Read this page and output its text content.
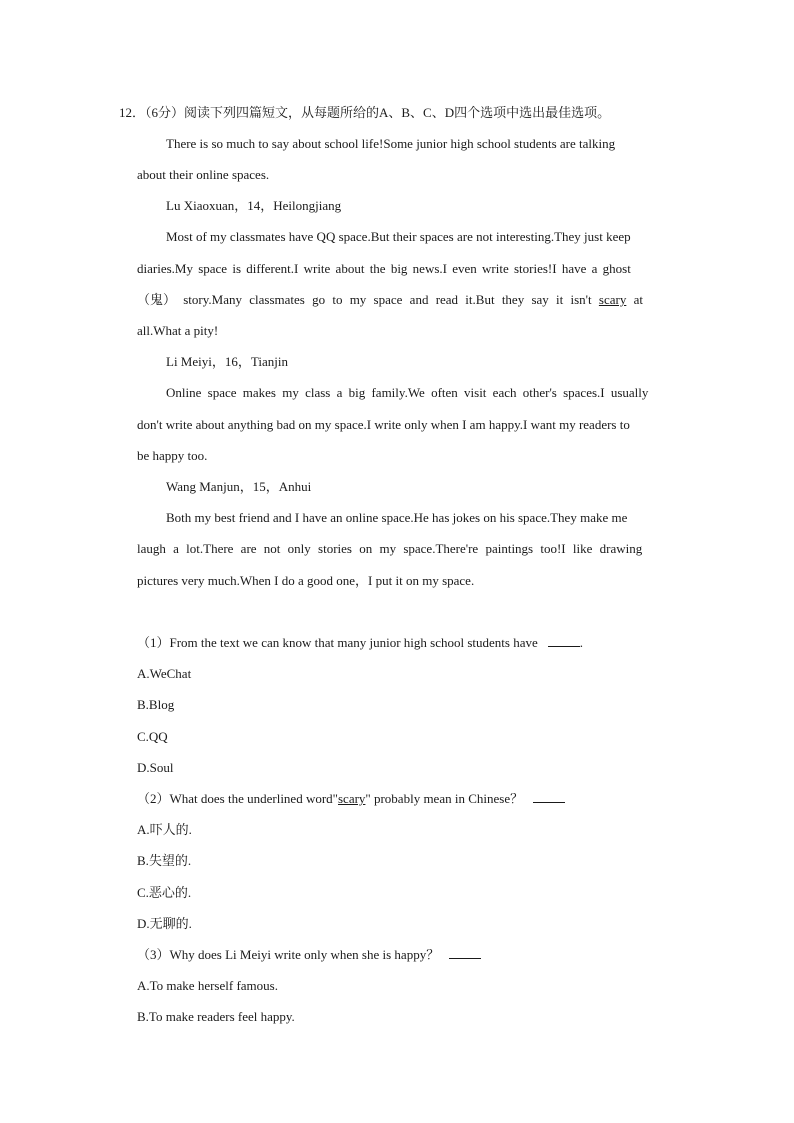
12．（6分）阅读下列四篇短文，从每题所给的A、B、C、D四个选项中选出最佳选项。
There is so much to say about school life!Some junior high school students are talking
about their online spaces.
Lu Xiaoxuan，14，Heilongjiang
Most of my classmates have QQ space.But their spaces are not interesting.They just keep
diaries.My space is different.I write about the big news.I even write stories!I have a ghost
（鬼） story.Many classmates go to my space and read it.But they say it isn't scary at
all.What a pity!
Li Meiyi，16，Tianjin
Online space makes my class a big family.We often visit each other's spaces.I usually
don't write about anything bad on my space.I write only when I am happy.I want my readers to
be happy too.
Wang Manjun，15，Anhui
Both my best friend and I have an online space.He has jokes on his space.They make me
laugh a lot.There are not only stories on my space.There're paintings too!I like drawing
pictures very much.When I do a good one，I put it on my space.
（1）From the text we can know that many junior high school students have	.
A.WeChat
B.Blog
C.QQ
D.Soul
（2）What does the underlined word"scary" probably mean in Chinese？
A.吓人的.
B.失望的.
C.恶心的.
D.无聊的.
（3）Why does Li Meiyi write only when she is happy？
A.To make herself famous.
B.To make readers feel happy.
